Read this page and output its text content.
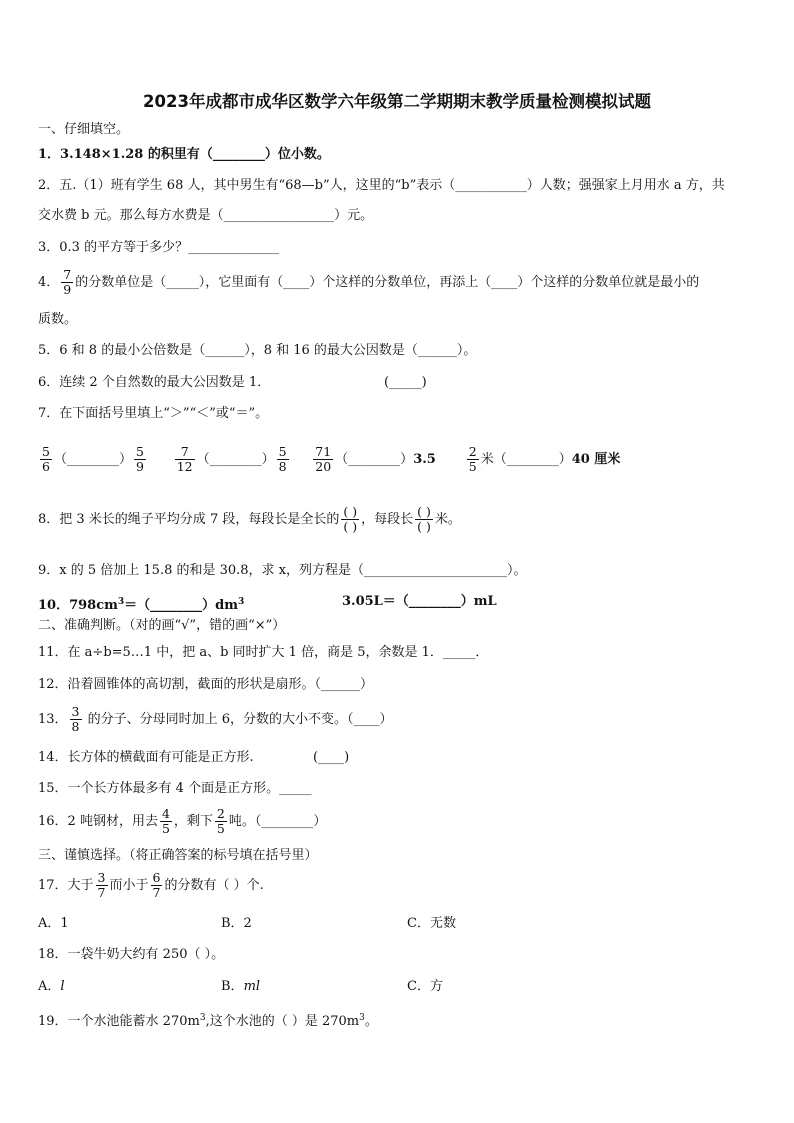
2023年成都市成华区数学六年级第二学期期末教学质量检测模拟试题
一、仔细填空。
1．3.148×1.28 的积里有（________）位小数。
2．五.（1）班有学生 68 人，其中男生有“68—b”人，这里的“b”表示（___________）人数；强强家上月用水 a 方，共
交水费 b 元。那么每方水费是（_________________）元。
3．0.3 的平方等于多少？______________
4． $\frac{7}{9}$ 的分数单位是（_____），它里面有（____）个这样的分数单位，再添上（____）个这样的分数单位就是最小的
质数。
5．6 和 8 的最小公倍数是（______），8 和 16 的最大公因数是（______）。
6．连续 2 个自然数的最大公因数是 1．	(_____)
7．在下面括号里填上“＞”“＜”或“＝”。
$\frac{5}{6}$ （________） $\frac{5}{9}$
$\frac{7}{12}$ （________） $\frac{5}{8}$
$\frac{71}{20}$ （________）3.5 $\frac{2}{5}$ 米（________）40 厘米
8．把 3 米长的绳子平均分成 7 段，每段长是全长的 $\frac{( )}{( )}$ ，每段长 $\frac{( )}{( )}$ 米。
9．x 的 5 倍加上 15.8 的和是 30.8，求 x，列方程是（______________________）。
10．$798cm^3=(\_\_\_\_\_\_\_\_)dm^3$	3.05L＝（________）mL
二、准确判断。（对的画“√”，错的画“×”）
11．在 a÷b=5…1 中，把 a、b 同时扩大 1 倍，商是 5，余数是 1．_____．
12．沿着圆锥体的高切割，截面的形状是扇形。（______）
13． $\frac{3}{8}$ 的分子、分母同时加上 6，分数的大小不变。（____）
14．长方体的横截面有可能是正方形.	(____)
15．一个长方体最多有 4 个面是正方形。_____
16．2 吨钢材，用去 $\frac{4}{5}$ ，剩下 $\frac{2}{5}$ 吨。（________）
三、谨慎选择。（将正确答案的标号填在括号里）
17．大于 $\frac{3}{7}$ 而小于 $\frac{6}{7}$ 的分数有（ ）个.
A．1	B．2	C．无数
18．一袋牛奶大约有 250（ ）。
A．l	B．ml	C．方
19．一个水池能蓄水 $270m^3$,这个水池的（ ）是 $270m^3$。
